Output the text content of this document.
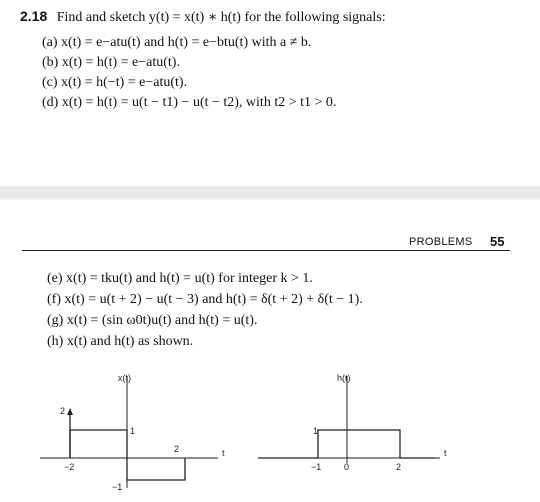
2.18 Find and sketch y(t) = x(t) ∗ h(t) for the following signals:
(a) x(t) = e−atu(t) and h(t) = e−btu(t) with a ≠ b.
(b) x(t) = h(t) = e−atu(t).
(c) x(t) = h(−t) = e−atu(t).
(d) x(t) = h(t) = u(t − t1) − u(t − t2), with t2 > t1 > 0.
PROBLEMS 55
(e) x(t) = tku(t) and h(t) = u(t) for integer k > 1.
(f) x(t) = u(t + 2) − u(t − 3) and h(t) = δ(t + 2) + δ(t − 1).
(g) x(t) = (sin ω0t)u(t) and h(t) = u(t).
(h) x(t) and h(t) as shown.
x(t)
2
1
−1
−2
2	t
h(t)
1
−1	0	2
t
